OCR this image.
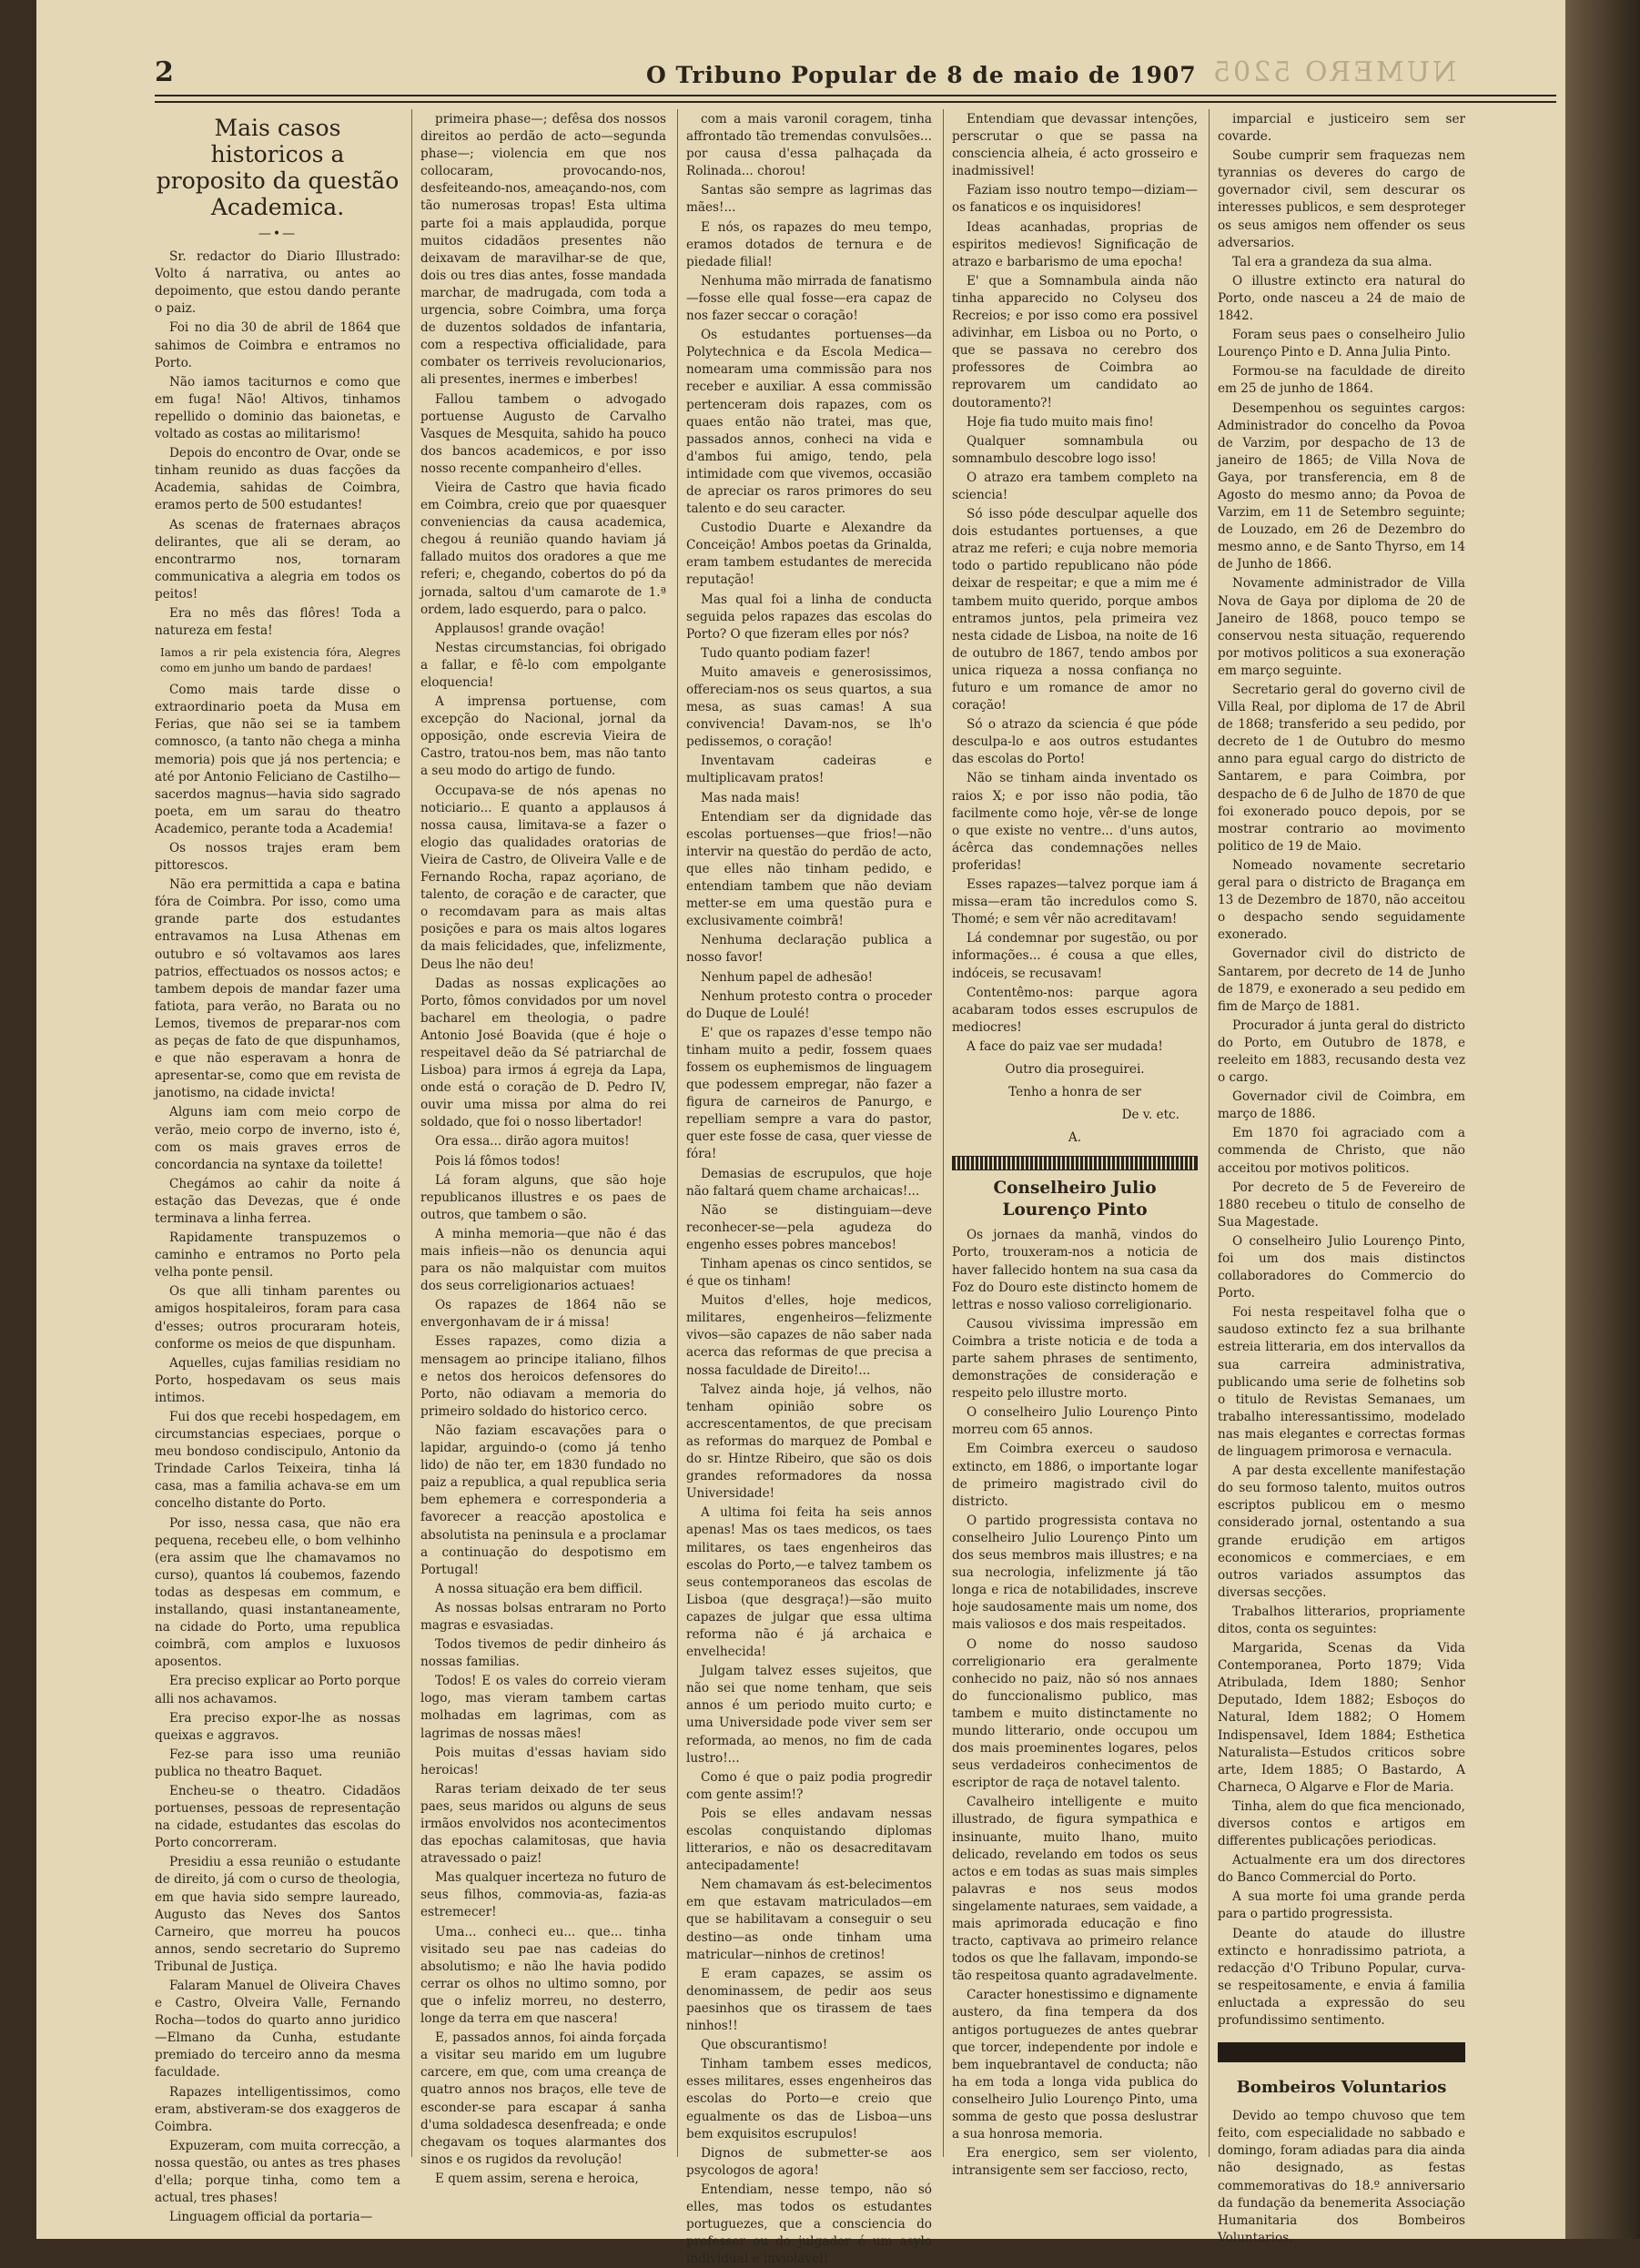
2	O Tribuno Popular de 8 de maio de 1907 NUMERO 5205
Mais casos historicos a proposito da questão Academica.
—•—

Sr. redactor do Diario Illustrado: Volto á narrativa, ou antes ao depoimento, que estou dando perante o paiz.

Foi no dia 30 de abril de 1864 que sahimos de Coimbra e entramos no Porto.

Não iamos taciturnos e como que em fuga! Não! Altivos, tinhamos repellido o dominio das baionetas, e voltado as costas ao militarismo!

Depois do encontro de Ovar, onde se tinham reunido as duas facções da Academia, sahidas de Coimbra, eramos perto de 500 estudantes!

As scenas de fraternaes abraços delirantes, que ali se deram, ao encontrarmo nos, tornaram communicativa a alegria em todos os peitos!

Era no mês das flôres! Toda a natureza em festa!

Iamos a rir pela existencia fóra, Alegres como em junho um bando de pardaes!

Como mais tarde disse o extraordinario poeta da Musa em Ferias, que não sei se ia tambem comnosco, (a tanto não chega a minha memoria) pois que já nos pertencia; e até por Antonio Feliciano de Castilho—sacerdos magnus—havia sido sagrado poeta, em um sarau do theatro Academico, perante toda a Academia!

Os nossos trajes eram bem pittorescos.

Não era permittida a capa e batina fóra de Coimbra. Por isso, como uma grande parte dos estudantes entravamos na Lusa Athenas em outubro e só voltavamos aos lares patrios, effectuados os nossos actos; e tambem depois de mandar fazer uma fatiota, para verão, no Barata ou no Lemos, tivemos de preparar-nos com as peças de fato de que dispunhamos, e que não esperavam a honra de apresentar-se, como que em revista de janotismo, na cidade invicta!

Alguns iam com meio corpo de verão, meio corpo de inverno, isto é, com os mais graves erros de concordancia na syntaxe da toilette!

Chegámos ao cahir da noite á estação das Devezas, que é onde terminava a linha ferrea.

Rapidamente transpuzemos o caminho e entramos no Porto pela velha ponte pensil.

Os que alli tinham parentes ou amigos hospitaleiros, foram para casa d'esses; outros procuraram hoteis, conforme os meios de que dispunham.

Aquelles, cujas familias residiam no Porto, hospedavam os seus mais intimos.

Fui dos que recebi hospedagem, em circumstancias especiaes, porque o meu bondoso condiscipulo, Antonio da Trindade Carlos Teixeira, tinha lá casa, mas a familia achava-se em um concelho distante do Porto.

Por isso, nessa casa, que não era pequena, recebeu elle, o bom velhinho (era assim que lhe chamavamos no curso), quantos lá coubemos, fazendo todas as despesas em commum, e installando, quasi instantaneamente, na cidade do Porto, uma republica coimbrã, com amplos e luxuosos aposentos.

Era preciso explicar ao Porto porque alli nos achavamos.

Era preciso expor-lhe as nossas queixas e aggravos.

Fez-se para isso uma reunião publica no theatro Baquet.

Encheu-se o theatro. Cidadãos portuenses, pessoas de representação na cidade, estudantes das escolas do Porto concorreram.

Presidiu a essa reunião o estudante de direito, já com o curso de theologia, em que havia sido sempre laureado, Augusto das Neves dos Santos Carneiro, que morreu ha poucos annos, sendo secretario do Supremo Tribunal de Justiça.

Falaram Manuel de Oliveira Chaves e Castro, Olveira Valle, Fernando Rocha—todos do quarto anno juridico—Elmano da Cunha, estudante premiado do terceiro anno da mesma faculdade.

Rapazes intelligentissimos, como eram, abstiveram-se dos exaggeros de Coimbra.

Expuzeram, com muita correcção, a nossa questão, ou antes as tres phases d'ella; porque tinha, como tem a actual, tres phases!

Linguagem official da portaria—

primeira phase—; defêsa dos nossos direitos ao perdão de acto—segunda phase—; violencia em que nos collocaram, provocando-nos, desfeiteando-nos, ameaçando-nos, com tão numerosas tropas! Esta ultima parte foi a mais applaudida, porque muitos cidadãos presentes não deixavam de maravilhar-se de que, dois ou tres dias antes, fosse mandada marchar, de madrugada, com toda a urgencia, sobre Coimbra, uma força de duzentos soldados de infantaria, com a respectiva officialidade, para combater os terriveis revolucionarios, ali presentes, inermes e imberbes!

Fallou tambem o advogado portuense Augusto de Carvalho Vasques de Mesquita, sahido ha pouco dos bancos academicos, e por isso nosso recente companheiro d'elles.

Vieira de Castro que havia ficado em Coimbra, creio que por quaesquer conveniencias da causa academica, chegou á reunião quando haviam já fallado muitos dos oradores a que me referi; e, chegando, cobertos do pó da jornada, saltou d'um camarote de 1.ª ordem, lado esquerdo, para o palco.

Applausos! grande ovação!

Nestas circumstancias, foi obrigado a fallar, e fê-lo com empolgante eloquencia!

A imprensa portuense, com excepção do Nacional, jornal da opposição, onde escrevia Vieira de Castro, tratou-nos bem, mas não tanto a seu modo do artigo de fundo.

Occupava-se de nós apenas no noticiario... E quanto a applausos á nossa causa, limitava-se a fazer o elogio das qualidades oratorias de Vieira de Castro, de Oliveira Valle e de Fernando Rocha, rapaz açoriano, de talento, de coração e de caracter, que o recomdavam para as mais altas posições e para os mais altos logares da mais felicidades, que, infelizmente, Deus lhe não deu!

Dadas as nossas explicações ao Porto, fômos convidados por um novel bacharel em theologia, o padre Antonio José Boavida (que é hoje o respeitavel deão da Sé patriarchal de Lisboa) para irmos á egreja da Lapa, onde está o coração de D. Pedro IV, ouvir uma missa por alma do rei soldado, que foi o nosso libertador!

Ora essa... dirão agora muitos!

Pois lá fômos todos!

Lá foram alguns, que são hoje republicanos illustres e os paes de outros, que tambem o são.

A minha memoria—que não é das mais infieis—não os denuncia aqui para os não malquistar com muitos dos seus correligionarios actuaes!

Os rapazes de 1864 não se envergonhavam de ir á missa!

Esses rapazes, como dizia a mensagem ao principe italiano, filhos e netos dos heroicos defensores do Porto, não odiavam a memoria do primeiro soldado do historico cerco.

Não faziam escavações para o lapidar, arguindo-o (como já tenho lido) de não ter, em 1830 fundado no paiz a republica, a qual republica seria bem ephemera e corresponderia a favorecer a reacção apostolica e absolutista na peninsula e a proclamar a continuação do despotismo em Portugal!

A nossa situação era bem difficil.

As nossas bolsas entraram no Porto magras e esvasiadas.

Todos tivemos de pedir dinheiro ás nossas familias.

Todos! E os vales do correio vieram logo, mas vieram tambem cartas molhadas em lagrimas, com as lagrimas de nossas mães!

Pois muitas d'essas haviam sido heroicas!

Raras teriam deixado de ter seus paes, seus maridos ou alguns de seus irmãos envolvidos nos acontecimentos das epochas calamitosas, que havia atravessado o paiz!

Mas qualquer incerteza no futuro de seus filhos, commovia-as, fazia-as estremecer!

Uma... conheci eu... que... tinha visitado seu pae nas cadeias do absolutismo; e não lhe havia podido cerrar os olhos no ultimo somno, por que o infeliz morreu, no desterro, longe da terra em que nascera!

E, passados annos, foi ainda forçada a visitar seu marido em um lugubre carcere, em que, com uma creança de quatro annos nos braços, elle teve de esconder-se para escapar á sanha d'uma soldadesca desenfreada; e onde chegavam os toques alarmantes dos sinos e os rugidos da revolução!

E quem assim, serena e heroica,

com a mais varonil coragem, tinha affrontado tão tremendas convulsões... por causa d'essa palhaçada da Rolinada... chorou!

Santas são sempre as lagrimas das mães!...

E nós, os rapazes do meu tempo, eramos dotados de ternura e de piedade filial!

Nenhuma mão mirrada de fanatismo—fosse elle qual fosse—era capaz de nos fazer seccar o coração!

Os estudantes portuenses—da Polytechnica e da Escola Medica—nomearam uma commissão para nos receber e auxiliar. A essa commissão pertenceram dois rapazes, com os quaes então não tratei, mas que, passados annos, conheci na vida e d'ambos fui amigo, tendo, pela intimidade com que vivemos, occasião de apreciar os raros primores do seu talento e do seu caracter.

Custodio Duarte e Alexandre da Conceição! Ambos poetas da Grinalda, eram tambem estudantes de merecida reputação!

Mas qual foi a linha de conducta seguida pelos rapazes das escolas do Porto? O que fizeram elles por nós?

Tudo quanto podiam fazer!

Muito amaveis e generosissimos, offereciam-nos os seus quartos, a sua mesa, as suas camas! A sua convivencia! Davam-nos, se lh'o pedissemos, o coração!

Inventavam cadeiras e multiplicavam pratos!

Mas nada mais!

Entendiam ser da dignidade das escolas portuenses—que frios!—não intervir na questão do perdão de acto, que elles não tinham pedido, e entendiam tambem que não deviam metter-se em uma questão pura e exclusivamente coimbrã!

Nenhuma declaração publica a nosso favor!

Nenhum papel de adhesão!

Nenhum protesto contra o proceder do Duque de Loulé!

E' que os rapazes d'esse tempo não tinham muito a pedir, fossem quaes fossem os euphemismos de linguagem que podessem empregar, não fazer a figura de carneiros de Panurgo, e repelliam sempre a vara do pastor, quer este fosse de casa, quer viesse de fóra!

Demasias de escrupulos, que hoje não faltará quem chame archaicas!...

Não se distinguiam—deve reconhecer-se—pela agudeza do engenho esses pobres mancebos!

Tinham apenas os cinco sentidos, se é que os tinham!

Muitos d'elles, hoje medicos, militares, engenheiros—felizmente vivos—são capazes de não saber nada acerca das reformas de que precisa a nossa faculdade de Direito!...

Talvez ainda hoje, já velhos, não tenham opinião sobre os accrescentamentos, de que precisam as reformas do marquez de Pombal e do sr. Hintze Ribeiro, que são os dois grandes reformadores da nossa Universidade!

A ultima foi feita ha seis annos apenas! Mas os taes medicos, os taes militares, os taes engenheiros das escolas do Porto,—e talvez tambem os seus contemporaneos das escolas de Lisboa (que desgraça!)—são muito capazes de julgar que essa ultima reforma não é já archaica e envelhecida!

Julgam talvez esses sujeitos, que não sei que nome tenham, que seis annos é um periodo muito curto; e uma Universidade pode viver sem ser reformada, ao menos, no fim de cada lustro!...

Como é que o paiz podia progredir com gente assim!?

Pois se elles andavam nessas escolas conquistando diplomas litterarios, e não os desacreditavam antecipadamente!

Nem chamavam ás est-belecimentos em que estavam matriculados—em que se habilitavam a conseguir o seu destino—as onde tinham uma matricular—ninhos de cretinos!

E eram capazes, se assim os denominassem, de pedir aos seus paesinhos que os tirassem de taes ninhos!!

Que obscurantismo!

Tinham tambem esses medicos, esses militares, esses engenheiros das escolas do Porto—e creio que egualmente os das de Lisboa—uns bem exquisitos escrupulos!

Dignos de submetter-se aos psycologos de agora!

Entendiam, nesse tempo, não só elles, mas todos os estudantes portuguezes, que a consciencia do professor ou do julgador é um asylo individual e inviolavel!

Entendiam que devassar intenções, perscrutar o que se passa na consciencia alheia, é acto grosseiro e inadmissivel!

Faziam isso noutro tempo—diziam—os fanaticos e os inquisidores!

Ideas acanhadas, proprias de espiritos medievos! Significação de atrazo e barbarismo de uma epocha!

E' que a Somnambula ainda não tinha apparecido no Colyseu dos Recreios; e por isso como era possivel adivinhar, em Lisboa ou no Porto, o que se passava no cerebro dos professores de Coimbra ao reprovarem um candidato ao doutoramento?!

Hoje fia tudo muito mais fino!

Qualquer somnambula ou somnambulo descobre logo isso!

O atrazo era tambem completo na sciencia!

Só isso póde desculpar aquelle dos dois estudantes portuenses, a que atraz me referi; e cuja nobre memoria todo o partido republicano não póde deixar de respeitar; e que a mim me é tambem muito querido, porque ambos entramos juntos, pela primeira vez nesta cidade de Lisboa, na noite de 16 de outubro de 1867, tendo ambos por unica riqueza a nossa confiança no futuro e um romance de amor no coração!

Só o atrazo da sciencia é que póde desculpa-lo e aos outros estudantes das escolas do Porto!

Não se tinham ainda inventado os raios X; e por isso não podia, tão facilmente como hoje, vêr-se de longe o que existe no ventre... d'uns autos, ácêrca das condemnações nelles proferidas!

Esses rapazes—talvez porque iam á missa—eram tão incredulos como S. Thomé; e sem vêr não acreditavam!

Lá condemnar por sugestão, ou por informações... é cousa a que elles, indóceis, se recusavam!

Contentêmo-nos: parque agora acabaram todos esses escrupulos de mediocres!

A face do paiz vae ser mudada!

Outro dia proseguirei.
Tenho a honra de ser
De v. etc.
A.
Conselheiro Julio Lourenço Pinto

Os jornaes da manhã, vindos do Porto, trouxeram-nos a noticia de haver fallecido hontem na sua casa da Foz do Douro este distincto homem de lettras e nosso valioso correligionario.

Causou vivissima impressão em Coimbra a triste noticia e de toda a parte sahem phrases de sentimento, demonstrações de consideração e respeito pelo illustre morto.

O conselheiro Julio Lourenço Pinto morreu com 65 annos.

Em Coimbra exerceu o saudoso extincto, em 1886, o importante logar de primeiro magistrado civil do districto.

O partido progressista contava no conselheiro Julio Lourenço Pinto um dos seus membros mais illustres; e na sua necrologia, infelizmente já tão longa e rica de notabilidades, inscreve hoje saudosamente mais um nome, dos mais valiosos e dos mais respeitados.

O nome do nosso saudoso correligionario era geralmente conhecido no paiz, não só nos annaes do funccionalismo publico, mas tambem e muito distinctamente no mundo litterario, onde occupou um dos mais proeminentes logares, pelos seus verdadeiros conhecimentos de escriptor de raça de notavel talento.

Cavalheiro intelligente e muito illustrado, de figura sympathica e insinuante, muito lhano, muito delicado, revelando em todos os seus actos e em todas as suas mais simples palavras e nos seus modos singelamente naturaes, sem vaidade, a mais aprimorada educação e fino tracto, captivava ao primeiro relance todos os que lhe fallavam, impondo-se tão respeitosa quanto agradavelmente.

Caracter honestissimo e dignamente austero, da fina tempera da dos antigos portuguezes de antes quebrar que torcer, independente por indole e bem inquebrantavel de conducta; não ha em toda a longa vida publica do conselheiro Julio Lourenço Pinto, uma somma de gesto que possa deslustrar a sua honrosa memoria.

Era energico, sem ser violento, intransigente sem ser faccioso, recto,

imparcial e justiceiro sem ser covarde.

Soube cumprir sem fraquezas nem tyrannias os deveres do cargo de governador civil, sem descurar os interesses publicos, e sem desproteger os seus amigos nem offender os seus adversarios.

Tal era a grandeza da sua alma.

O illustre extincto era natural do Porto, onde nasceu a 24 de maio de 1842.

Foram seus paes o conselheiro Julio Lourenço Pinto e D. Anna Julia Pinto.

Formou-se na faculdade de direito em 25 de junho de 1864.

Desempenhou os seguintes cargos: Administrador do concelho da Povoa de Varzim, por despacho de 13 de janeiro de 1865; de Villa Nova de Gaya, por transferencia, em 8 de Agosto do mesmo anno; da Povoa de Varzim, em 11 de Setembro seguinte; de Louzado, em 26 de Dezembro do mesmo anno, e de Santo Thyrso, em 14 de Junho de 1866.

Novamente administrador de Villa Nova de Gaya por diploma de 20 de Janeiro de 1868, pouco tempo se conservou nesta situação, requerendo por motivos politicos a sua exoneração em março seguinte.

Secretario geral do governo civil de Villa Real, por diploma de 17 de Abril de 1868; transferido a seu pedido, por decreto de 1 de Outubro do mesmo anno para egual cargo do districto de Santarem, e para Coimbra, por despacho de 6 de Julho de 1870 de que foi exonerado pouco depois, por se mostrar contrario ao movimento politico de 19 de Maio.

Nomeado novamente secretario geral para o districto de Bragança em 13 de Dezembro de 1870, não acceitou o despacho sendo seguidamente exonerado.

Governador civil do districto de Santarem, por decreto de 14 de Junho de 1879, e exonerado a seu pedido em fim de Março de 1881.

Procurador á junta geral do districto do Porto, em Outubro de 1878, e reeleito em 1883, recusando desta vez o cargo.

Governador civil de Coimbra, em março de 1886.

Em 1870 foi agraciado com a commenda de Christo, que não acceitou por motivos politicos.

Por decreto de 5 de Fevereiro de 1880 recebeu o titulo de conselho de Sua Magestade.

O conselheiro Julio Lourenço Pinto, foi um dos mais distinctos collaboradores do Commercio do Porto.

Foi nesta respeitavel folha que o saudoso extincto fez a sua brilhante estreia litteraria, em dos intervallos da sua carreira administrativa, publicando uma serie de folhetins sob o titulo de Revistas Semanaes, um trabalho interessantissimo, modelado nas mais elegantes e correctas formas de linguagem primorosa e vernacula.

A par desta excellente manifestação do seu formoso talento, muitos outros escriptos publicou em o mesmo considerado jornal, ostentando a sua grande erudição em artigos economicos e commerciaes, e em outros variados assumptos das diversas secções.

Trabalhos litterarios, propriamente ditos, conta os seguintes:

Margarida, Scenas da Vida Contemporanea, Porto 1879; Vida Atribulada, Idem 1880; Senhor Deputado, Idem 1882; Esboços do Natural, Idem 1882; O Homem Indispensavel, Idem 1884; Esthetica Naturalista—Estudos criticos sobre arte, Idem 1885; O Bastardo, A Charneca, O Algarve e Flor de Maria.

Tinha, alem do que fica mencionado, diversos contos e artigos em differentes publicações periodicas.

Actualmente era um dos directores do Banco Commercial do Porto.

A sua morte foi uma grande perda para o partido progressista.

Deante do ataude do illustre extincto e honradissimo patriota, a redacção d'O Tribuno Popular, curva-se respeitosamente, e envia á familia enluctada a expressão do seu profundissimo sentimento.

Bombeiros Voluntarios

Devido ao tempo chuvoso que tem feito, com especialidade no sabbado e domingo, foram adiadas para dia ainda não designado, as festas commemorativas do 18.º anniversario da fundação da benemerita Associação Humanitaria dos Bombeiros Voluntarios.
